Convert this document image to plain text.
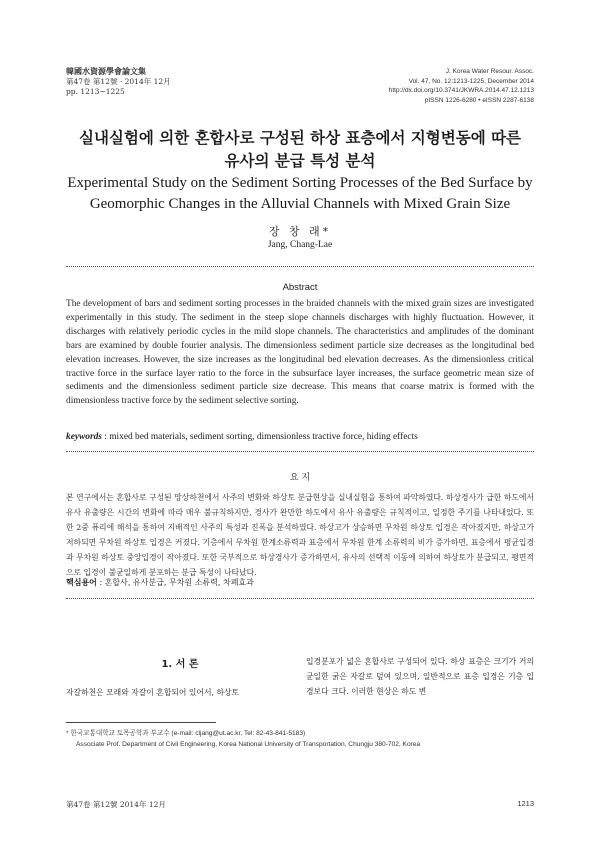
韓國水資源學會論文集
第47卷 第12號 · 2014年 12月
pp. 1213~1225
J. Korea Water Resour. Assoc.
Vol. 47, No. 12:1213-1225, December 2014
http://dx.doi.org/10.3741/JKWRA.2014.47.12.1213
pISSN 1226-6280 • eISSN 2287-6138
실내실험에 의한 혼합사로 구성된 하상 표층에서 지형변동에 따른
유사의 분급 특성 분석
Experimental Study on the Sediment Sorting Processes of the Bed Surface by
Geomorphic Changes in the Alluvial Channels with Mixed Grain Size
장 창 래*
Jang, Chang-Lae
Abstract
The development of bars and sediment sorting processes in the braided channels with the mixed grain sizes are investigated experimentally in this study. The sediment in the steep slope channels discharges with highly fluctuation. However, it discharges with relatively periodic cycles in the mild slope channels. The characteristics and amplitudes of the dominant bars are examined by double fourier analysis. The dimensionless sediment particle size decreases as the longitudinal bed elevation increases. However, the size increases as the longitudinal bed elevation decreases. As the dimensionless critical tractive force in the surface layer ratio to the force in the subsurface layer increases, the surface geometric mean size of sediments and the dimensionless sediment particle size decrease. This means that coarse matrix is formed with the dimensionless tractive force by the sediment selective sorting.
keywords : mixed bed materials, sediment sorting, dimensionless tractive force, hiding effects
요 지
본 연구에서는 혼합사로 구성된 망상하천에서 사주의 변화와 하상토 분급현상을 실내실험을 통하여 파악하였다. 하상경사가 급한 하도에서 유사 유출량은 시간의 변화에 따라 매우 불규칙하지만, 경사가 완만한 하도에서 유사 유출량은 규칙적이고, 일정한 주기를 나타내었다. 또한 2중 퓨리에 해석을 통하여 지배적인 사주의 특성과 진폭을 분석하였다. 하상고가 상승하면 무차원 하상토 입경은 작아졌지만, 하상고가 저하되면 무차원 하상토 입경은 커졌다. 기층에서 무차원 한계소류력과 표층에서 무차원 한계 소류력의 비가 증가하면, 표층에서 평균입경과 무차원 하상토 중앙입경이 작아졌다. 또한 국부적으로 하상경사가 증가하면서, 유사의 선택적 이동에 의하여 하상토가 분급되고, 평면적으로 입경이 불균일하게 분포하는 분급 특성이 나타났다.
핵심용어 : 혼합사, 유사분급, 무차원 소류력, 차폐효과
1. 서 론
자갈하천은 모래와 자갈이 혼합되어 있어서, 하상토
입경분포가 넓은 혼합사로 구성되어 있다. 하상 표층은 크기가 거의 균일한 굵은 자갈로 덮여 있으며, 일반적으로 표층 입경은 기층 입경보다 크다. 이러한 현상은 하도 변
* 한국교통대학교 토목공학과 부교수 (e-mail: cljang@ut.ac.kr, Tel: 82-43-841-5183)
Associate Prof. Department of Civil Engineering, Korea National University of Transportation, Chungju 380-702, Korea
第47卷 第12號 2014年 12月	1213
